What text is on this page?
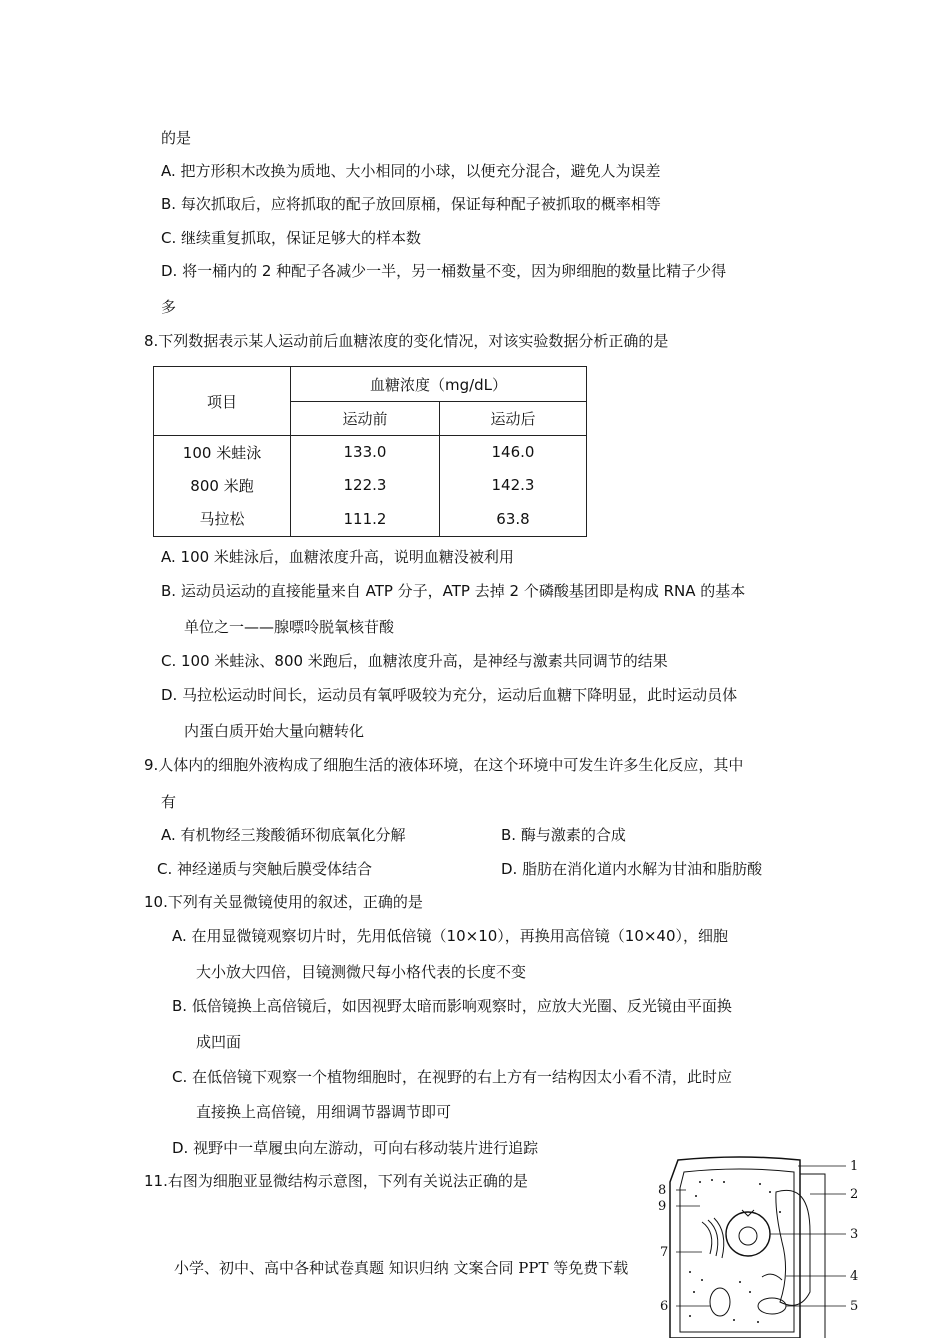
的是
A. 把方形积木改换为质地、大小相同的小球，以便充分混合，避免人为误差
B. 每次抓取后，应将抓取的配子放回原桶，保证每种配子被抓取的概率相等
C. 继续重复抓取，保证足够大的样本数
D. 将一桶内的 2 种配子各减少一半，另一桶数量不变，因为卵细胞的数量比精子少得
多
8.下列数据表示某人运动前后血糖浓度的变化情况，对该实验数据分析正确的是
项目	血糖浓度（mg/dL）	
	运动前	运动后
100 米蛙泳	133.0	146.0
800 米跑	122.3	142.3
马拉松	111.2	63.8
A. 100 米蛙泳后，血糖浓度升高，说明血糖没被利用
B. 运动员运动的直接能量来自 ATP 分子，ATP 去掉 2 个磷酸基团即是构成 RNA 的基本
单位之一——腺嘌呤脱氧核苷酸
C. 100 米蛙泳、800 米跑后，血糖浓度升高，是神经与激素共同调节的结果
D. 马拉松运动时间长，运动员有氧呼吸较为充分，运动后血糖下降明显，此时运动员体
内蛋白质开始大量向糖转化
9.人体内的细胞外液构成了细胞生活的液体环境，在这个环境中可发生许多生化反应，其中
有
A. 有机物经三羧酸循环彻底氧化分解	B. 酶与激素的合成
C. 神经递质与突触后膜受体结合	D. 脂肪在消化道内水解为甘油和脂肪酸
10.下列有关显微镜使用的叙述，正确的是
A. 在用显微镜观察切片时，先用低倍镜（10×10），再换用高倍镜（10×40），细胞
大小放大四倍，目镜测微尺每小格代表的长度不变
B. 低倍镜换上高倍镜后，如因视野太暗而影响观察时，应放大光圈、反光镜由平面换
成凹面
C. 在低倍镜下观察一个植物细胞时，在视野的右上方有一结构因太小看不清，此时应
直接换上高倍镜，用细调节器调节即可
D. 视野中一草履虫向左游动，可向右移动装片进行追踪
11.右图为细胞亚显微结构示意图，下列有关说法正确的是
1
2
3
4
5
6
7
8
9
小学、初中、高中各种试卷真题 知识归纳 文案合同 PPT 等免费下载
